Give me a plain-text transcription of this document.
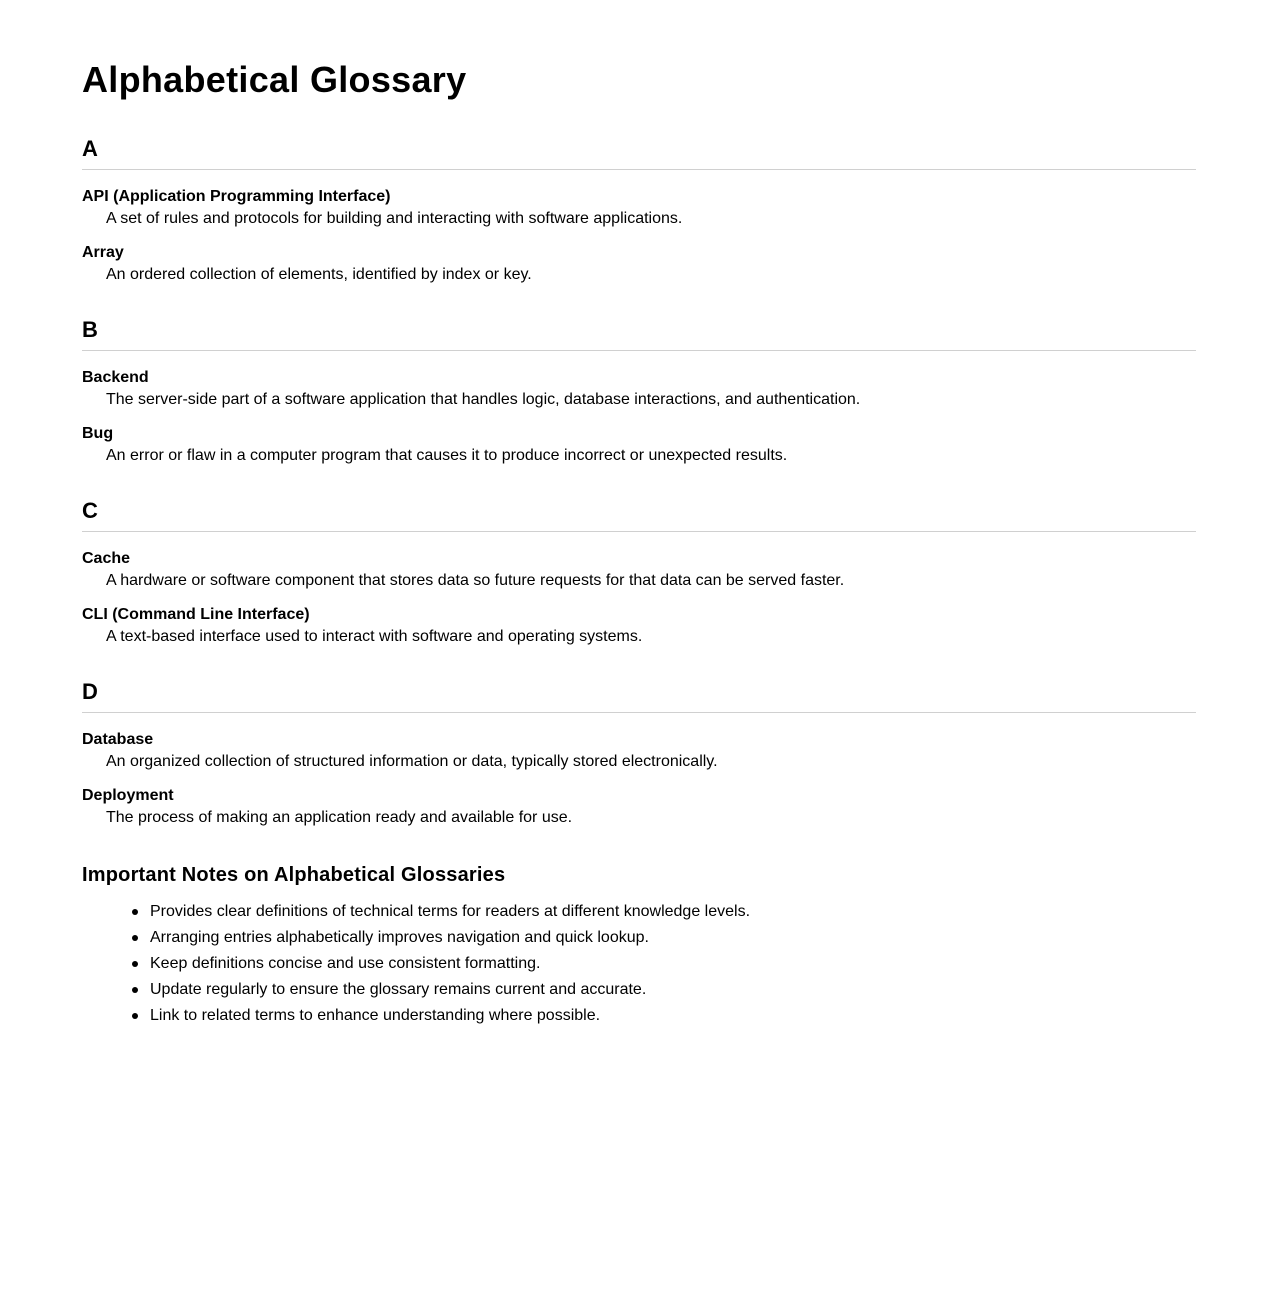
Alphabetical Glossary
A
API (Application Programming Interface)
A set of rules and protocols for building and interacting with software applications.
Array
An ordered collection of elements, identified by index or key.
B
Backend
The server-side part of a software application that handles logic, database interactions, and authentication.
Bug
An error or flaw in a computer program that causes it to produce incorrect or unexpected results.
C
Cache
A hardware or software component that stores data so future requests for that data can be served faster.
CLI (Command Line Interface)
A text-based interface used to interact with software and operating systems.
D
Database
An organized collection of structured information or data, typically stored electronically.
Deployment
The process of making an application ready and available for use.
Important Notes on Alphabetical Glossaries
Provides clear definitions of technical terms for readers at different knowledge levels.
Arranging entries alphabetically improves navigation and quick lookup.
Keep definitions concise and use consistent formatting.
Update regularly to ensure the glossary remains current and accurate.
Link to related terms to enhance understanding where possible.
